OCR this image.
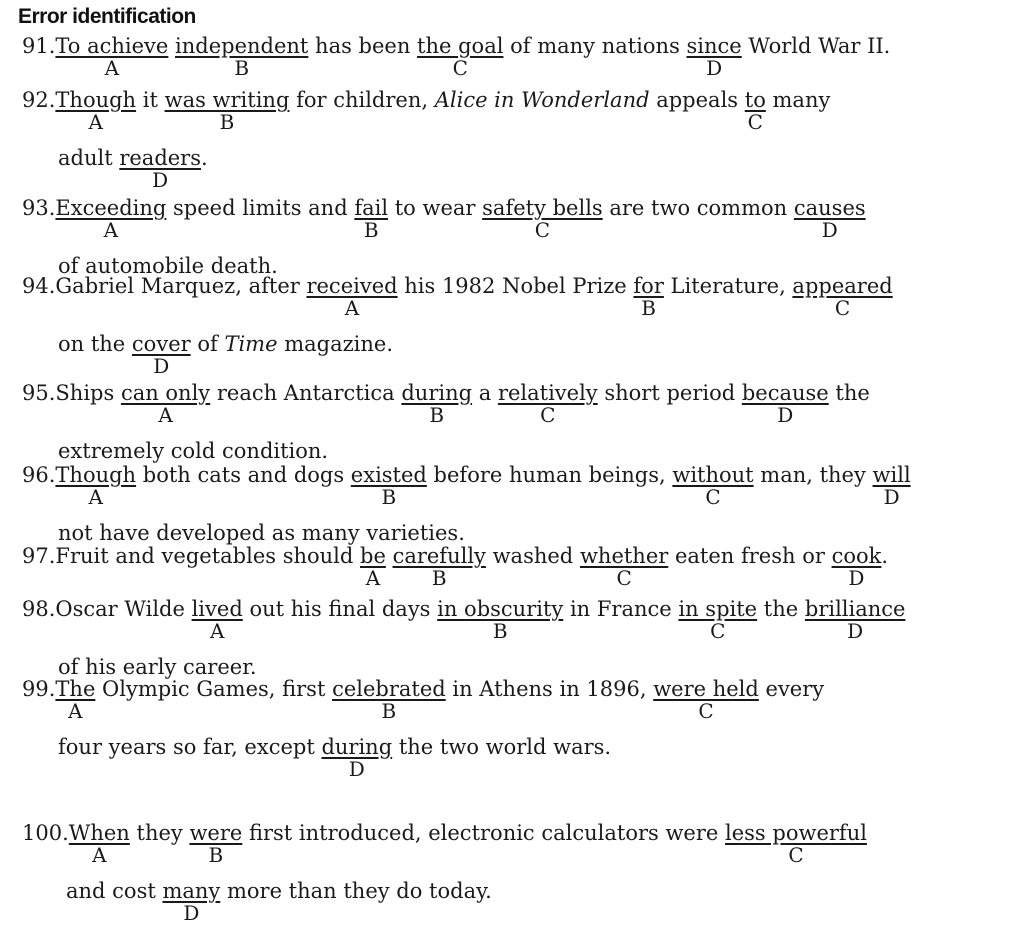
Error identification
91.To achieve
A
independent
B
has been the goal
C
of many nations since
D
World War II.
92.Though
A
it was writing
B
for children, Alice in Wonderland appeals to
C
many
adult readers
D
.
93.Exceeding
A
speed limits and fail
B
to wear safety bells
C
are two common causes
D
of automobile death.
94.Gabriel Marquez, after received
A
his 1982 Nobel Prize for
B
Literature, appeared
C
on the cover
D
of Time magazine.
95.Ships can only
A
reach Antarctica during
B
a relatively
C
short period because
D
the
extremely cold condition.
96.Though
A
both cats and dogs existed
B
before human beings, without
C
man, they will
D
not have developed as many varieties.
97.Fruit and vegetables should be
A
carefully
B
washed whether
C
eaten fresh or cook
D
.
98.Oscar Wilde lived
A
out his final days in obscurity
B
in France in spite
C
the brilliance
D
of his early career.
99.The
A
Olympic Games, first celebrated
B
in Athens in 1896, were held
C
every
four years so far, except during
D
the two world wars.
100.When
A
they were
B
first introduced, electronic calculators were less powerful
C
and cost many
D
more than they do today.
